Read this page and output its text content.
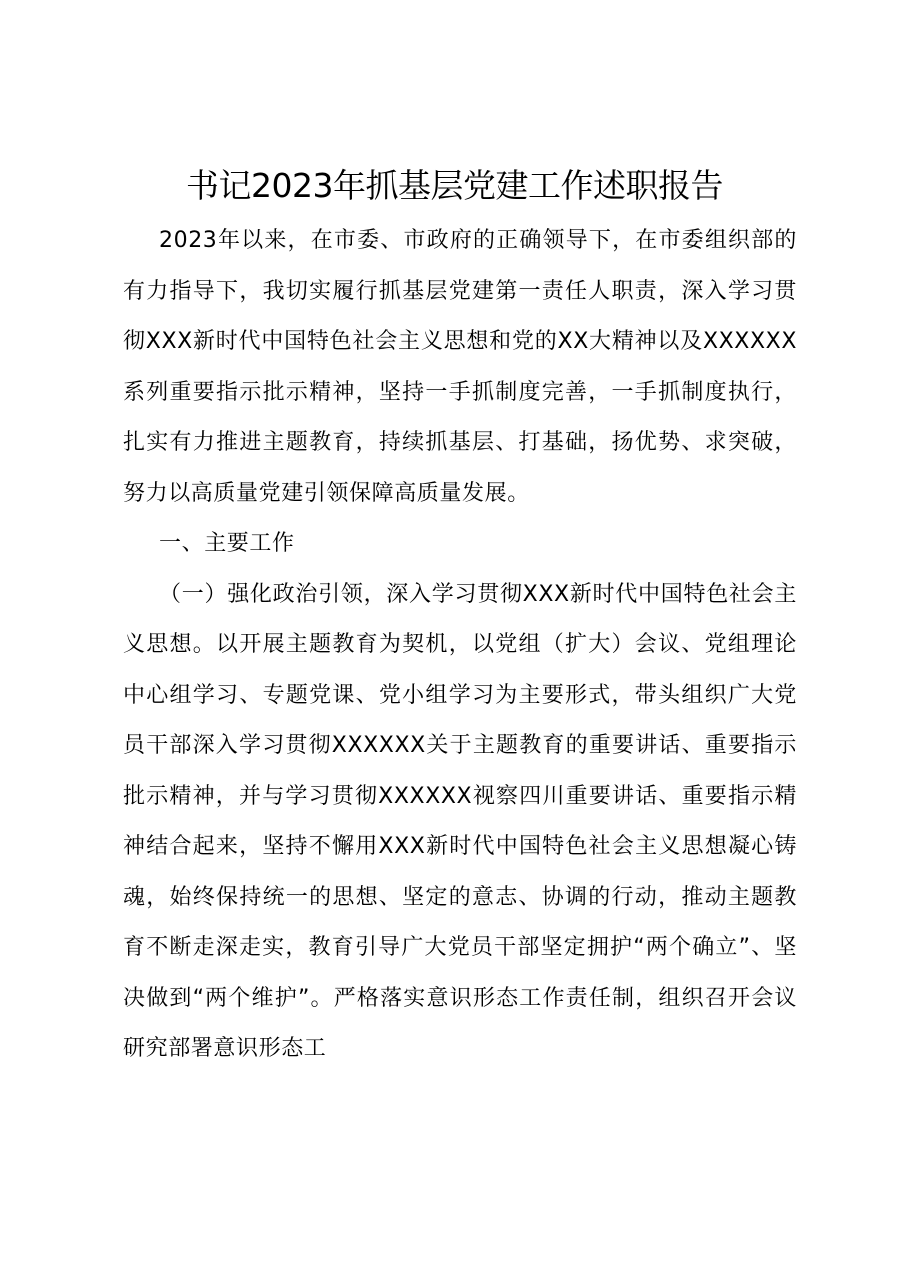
书记2023年抓基层党建工作述职报告

2023年以来，在市委、市政府的正确领导下，在市委组织部的有力指导下，我切实履行抓基层党建第一责任人职责，深入学习贯彻XXX新时代中国特色社会主义思想和党的XX大精神以及XXXXXX系列重要指示批示精神，坚持一手抓制度完善，一手抓制度执行，扎实有力推进主题教育，持续抓基层、打基础，扬优势、求突破，努力以高质量党建引领保障高质量发展。

一、主要工作

（一）强化政治引领，深入学习贯彻XXX新时代中国特色社会主义思想。以开展主题教育为契机，以党组（扩大）会议、党组理论中心组学习、专题党课、党小组学习为主要形式，带头组织广大党员干部深入学习贯彻XXXXXX关于主题教育的重要讲话、重要指示批示精神，并与学习贯彻XXXXXX视察四川重要讲话、重要指示精神结合起来，坚持不懈用XXX新时代中国特色社会主义思想凝心铸魂，始终保持统一的思想、坚定的意志、协调的行动，推动主题教育不断走深走实，教育引导广大党员干部坚定拥护“两个确立”、坚决做到“两个维护”。严格落实意识形态工作责任制，组织召开会议研究部署意识形态工
